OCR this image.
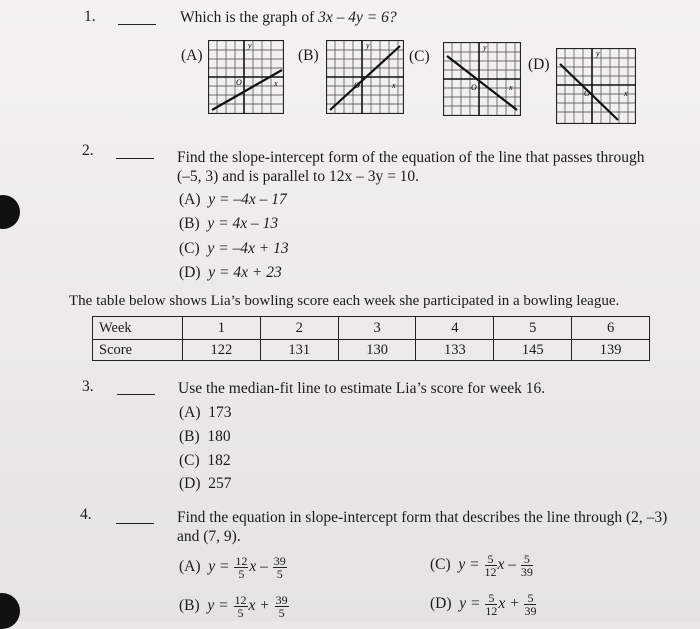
1.	Which is the graph of 3x – 4y = 6?
(A)	(B)	(C)	(D)
y
O	x
y
O	x
y
O	x
y
O	x
2.	Find the slope-intercept form of the equation of the line that passes through
(–5, 3) and is parallel to 12x – 3y = 10.
(A) y = –4x – 17
(B) y = 4x – 13
(C) y = –4x + 13
(D) y = 4x + 23
The table below shows Lia’s bowling score each week she participated in a bowling league.
Week	1	2	3	4	5	6
Score	122	131	130	133	145	139
3.	Use the median-fit line to estimate Lia’s score for week 16.
(A) 173
(B) 180
(C) 182
(D) 257
4.	Find the equation in slope-intercept form that describes the line through (2, –3)
and (7, 9).
(A) $y = \frac{12}{5}$ x – $\frac{39}{5}$
(B) $y = \frac{12}{5}$ $x + \frac{39}{5}$
(C) $y = \frac{5}{12}$ x – $\frac{5}{39}$
(D) $y = \frac{5}{12}$ $x + \frac{5}{39}$
